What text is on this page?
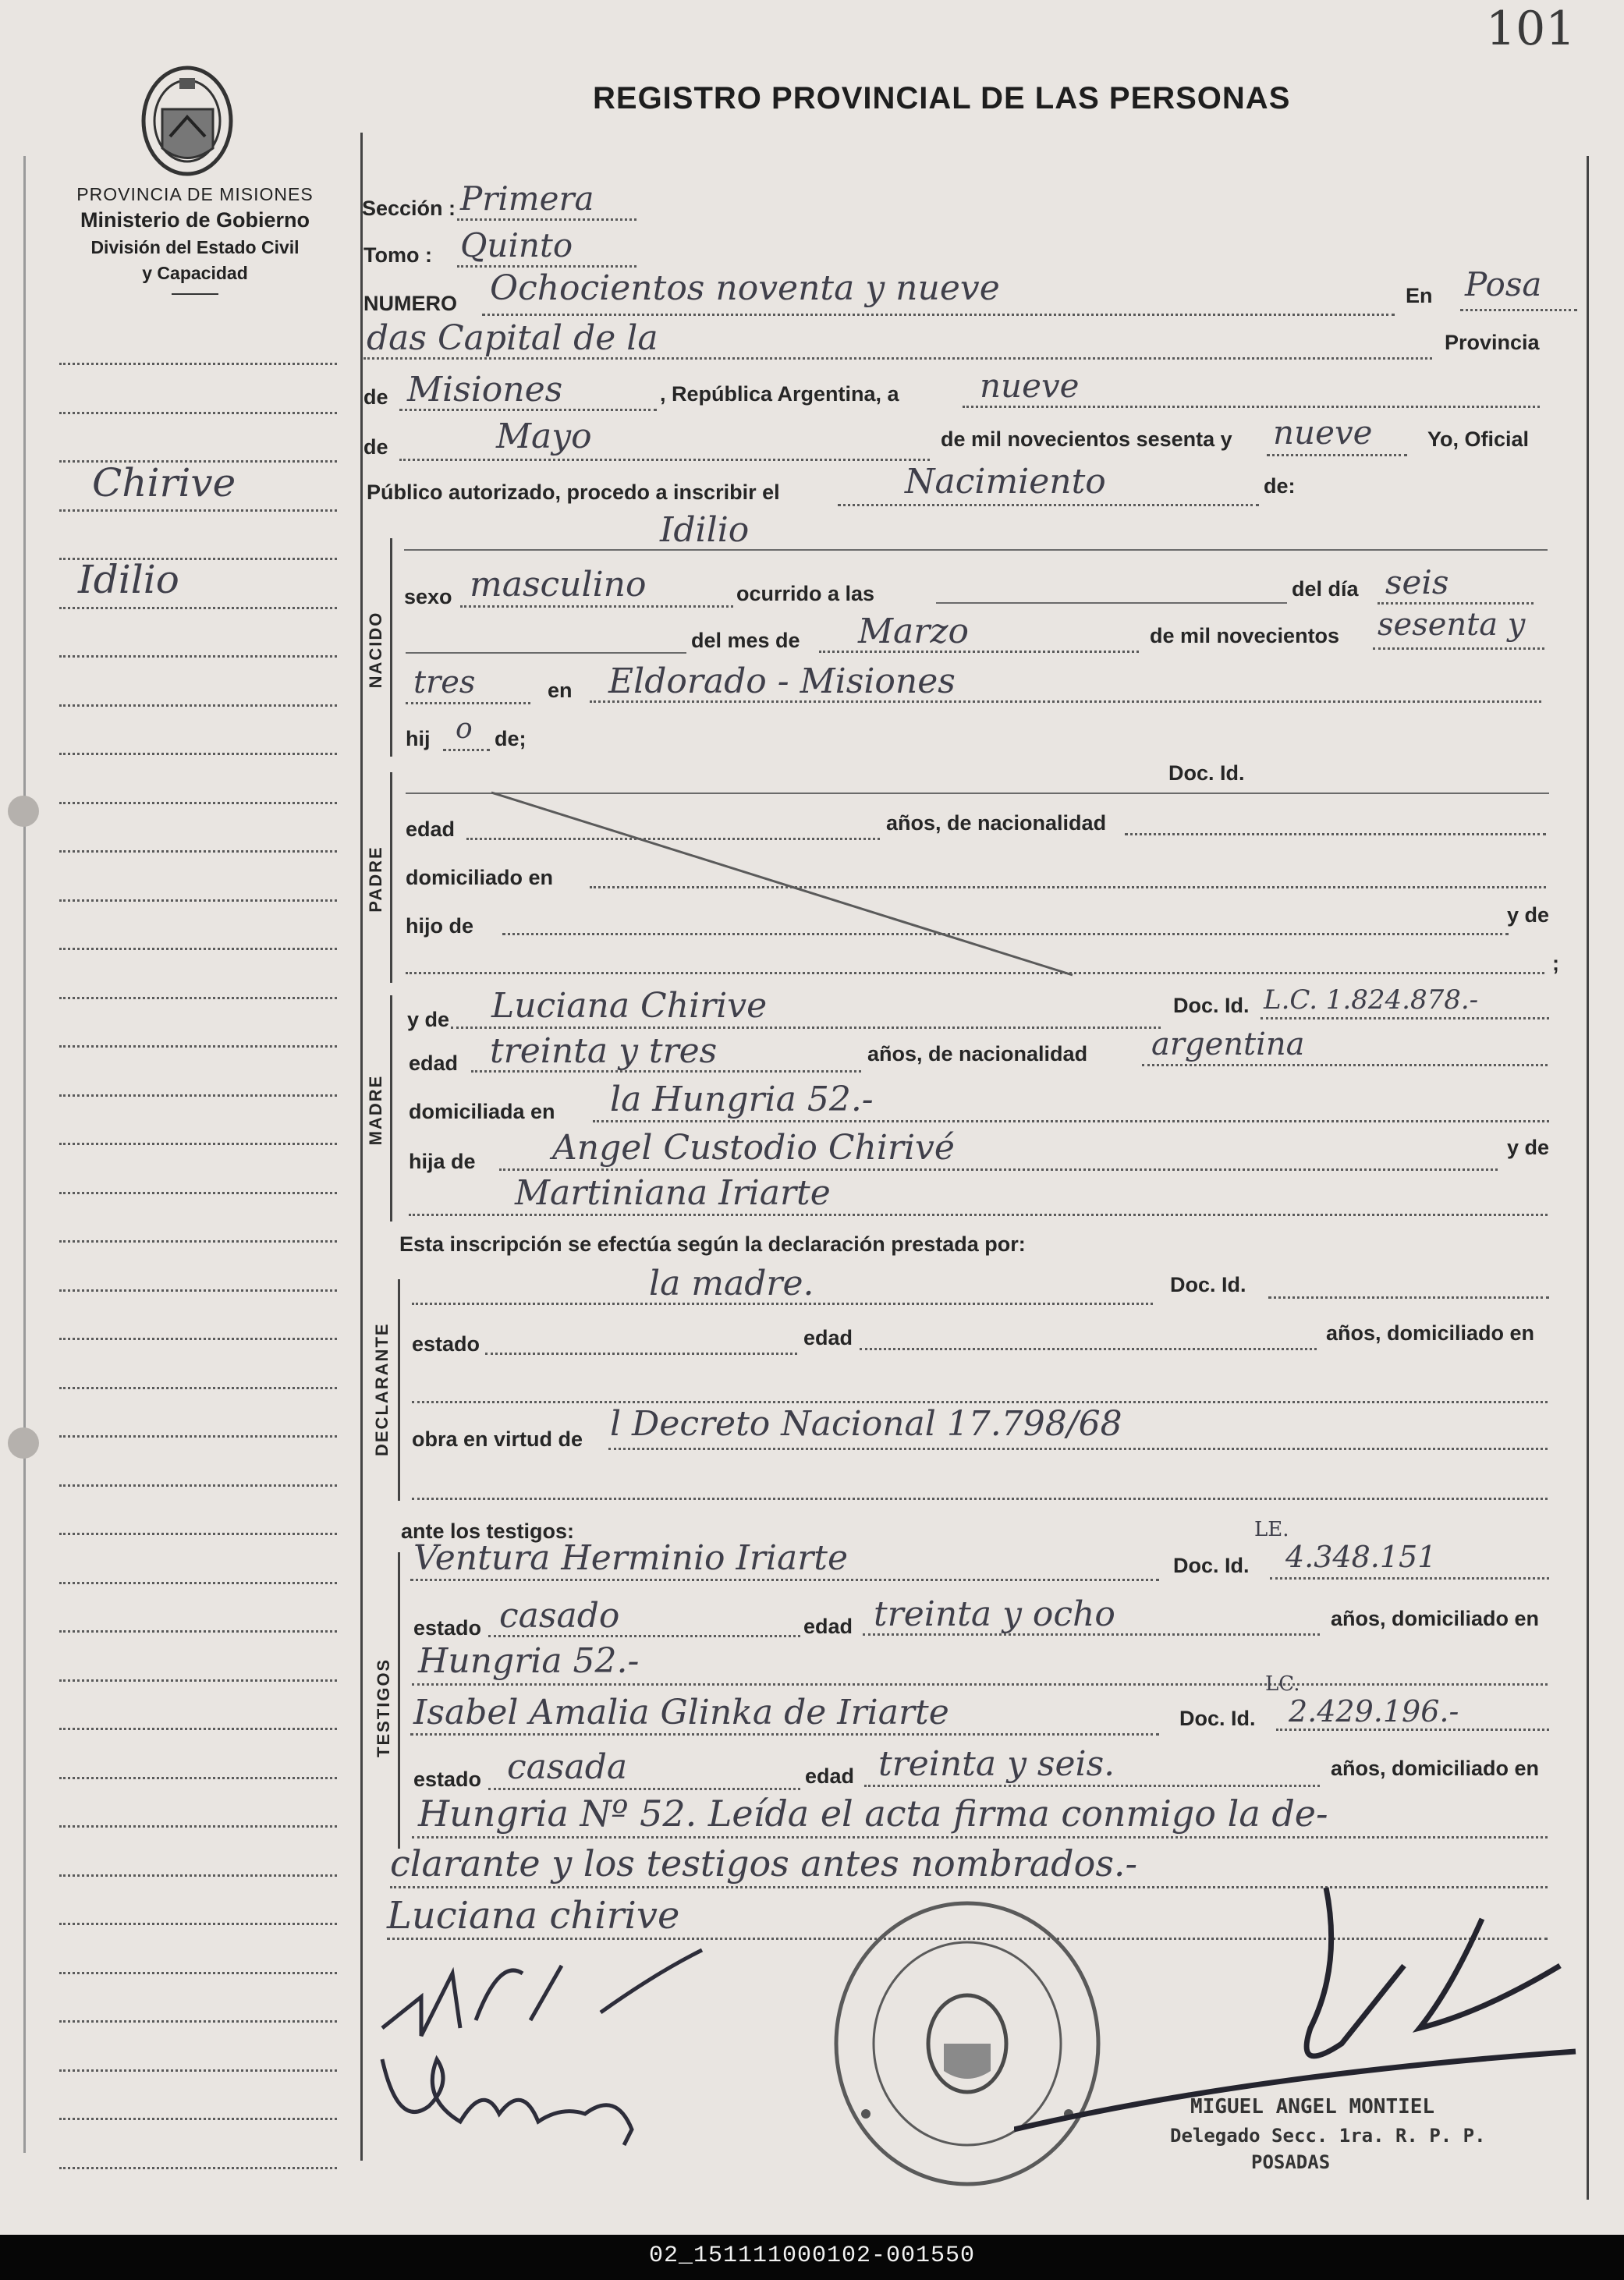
101
PROVINCIA DE MISIONES
Ministerio de Gobierno
División del Estado Civil
y Capacidad
REGISTRO PROVINCIAL DE LAS PERSONAS
Chirive
Idilio
Sección : Primera
Tomo : Quinto
NUMERO Ochocientos noventa y nueve	En Posa
das Capital de la	Provincia
de Misiones	, República Argentina, a nueve
de	Mayo	de mil novecientos sesenta y nueve	Yo, Oficial
Público autorizado, procedo a inscribir el	Nacimiento	de:
NACIDO
Idilio
sexo masculino	ocurrido a las	del día seis
del mes de Marzo	de mil novecientos sesenta y
tres	en Eldorado - Misiones
hij o de;
PADRE
Doc. Id.
edad	años, de nacionalidad
domiciliado en
hijo de	y de
;
MADRE
y de Luciana Chirive	Doc. Id. L.C. 1.824.878.-
edad treinta y tres	años, de nacionalidad argentina
domiciliada en la Hungria 52.-
hija de Angel Custodio Chirivé	y de
Martiniana Iriarte
Esta inscripción se efectúa según la declaración prestada por:
DECLARANTE
la madre.	Doc. Id.
estado	edad	años, domiciliado en
obra en virtud de l Decreto Nacional 17.798/68
ante los testigos:
TESTIGOS
Ventura Herminio Iriarte	Doc. Id.
LE.
4.348.151
estado casado	edad treinta y ocho	años, domiciliado en
Hungria 52.-
Isabel Amalia Glinka de Iriarte	Doc. Id.
LC.
2.429.196.-
estado casada	edad treinta y seis.	años, domiciliado en
Hungria Nº 52. Leída el acta firma conmigo la de-
clarante y los testigos antes nombrados.-
Luciana chirive
MIGUEL ANGEL MONTIEL
Delegado Secc. 1ra. R. P. P.
POSADAS
02_151111000102-001550
